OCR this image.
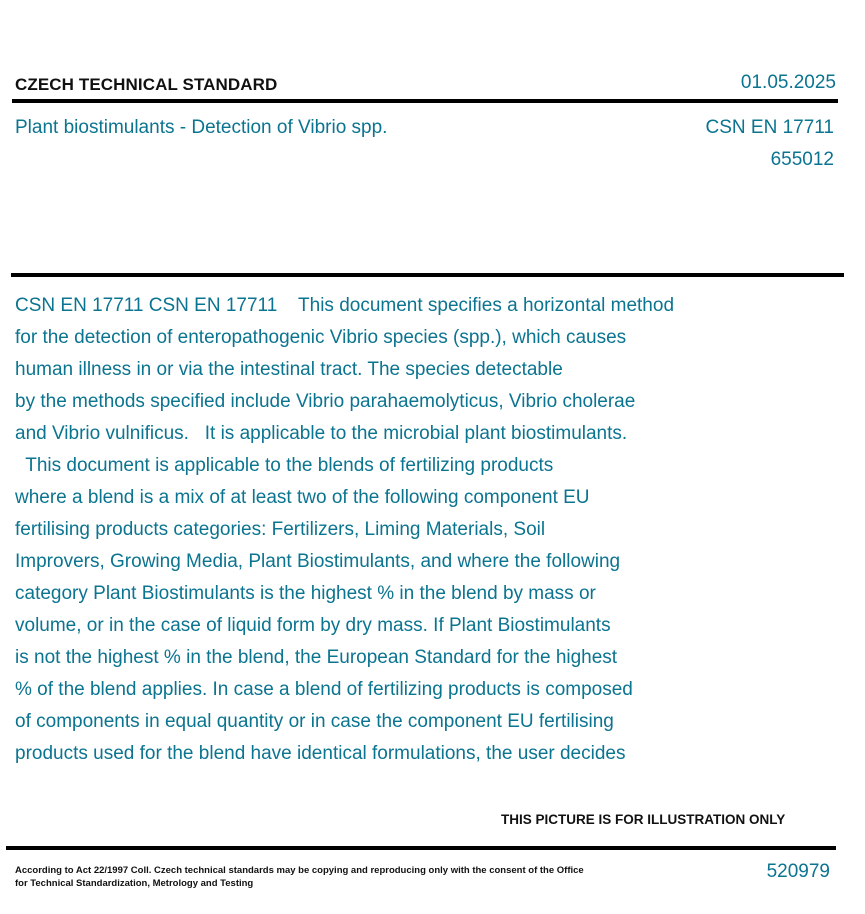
CZECH TECHNICAL STANDARD	01.05.2025
Plant biostimulants - Detection of Vibrio spp.	CSN EN 17711
655012
CSN EN 17711 CSN EN 17711    This document specifies a horizontal method
for the detection of enteropathogenic Vibrio species (spp.), which causes
human illness in or via the intestinal tract. The species detectable
by the methods specified include Vibrio parahaemolyticus, Vibrio cholerae
and Vibrio vulnificus.   It is applicable to the microbial plant biostimulants.
This document is applicable to the blends of fertilizing products
where a blend is a mix of at least two of the following component EU
fertilising products categories: Fertilizers, Liming Materials, Soil
Improvers, Growing Media, Plant Biostimulants, and where the following
category Plant Biostimulants is the highest % in the blend by mass or
volume, or in the case of liquid form by dry mass. If Plant Biostimulants
is not the highest % in the blend, the European Standard for the highest
% of the blend applies. In case a blend of fertilizing products is composed
of components in equal quantity or in case the component EU fertilising
products used for the blend have identical formulations, the user decides
THIS PICTURE IS FOR ILLUSTRATION ONLY
According to Act 22/1997 Coll. Czech technical standards may be copying and reproducing only with the consent of the Office
for Technical Standardization, Metrology and Testing
520979
